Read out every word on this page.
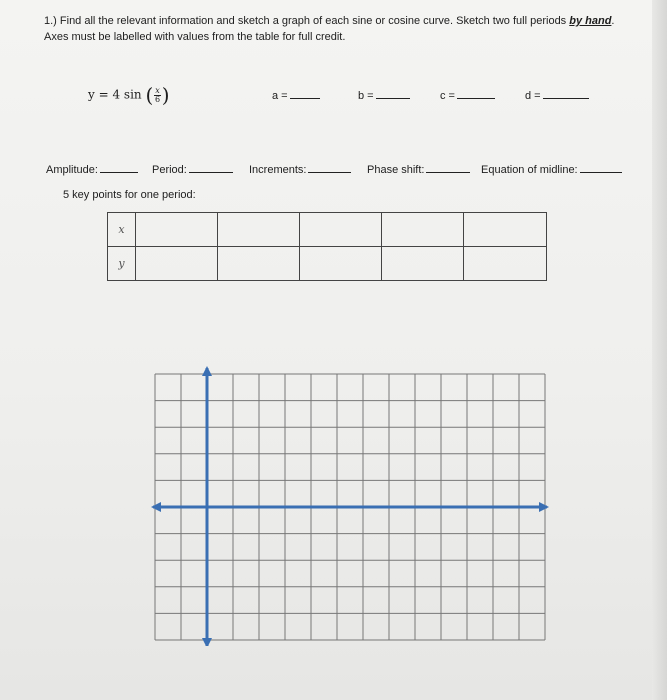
1.) Find all the relevant information and sketch a graph of each sine or cosine curve. Sketch two full periods by hand. Axes must be labelled with values from the table for full credit.
y = 4 sin ( $\frac{x}{6}$ )	a =	b =	c =	d =
Amplitude:	Period:	Increments:	Phase shift:	Equation of midline:
5 key points for one period:
x					
y					
